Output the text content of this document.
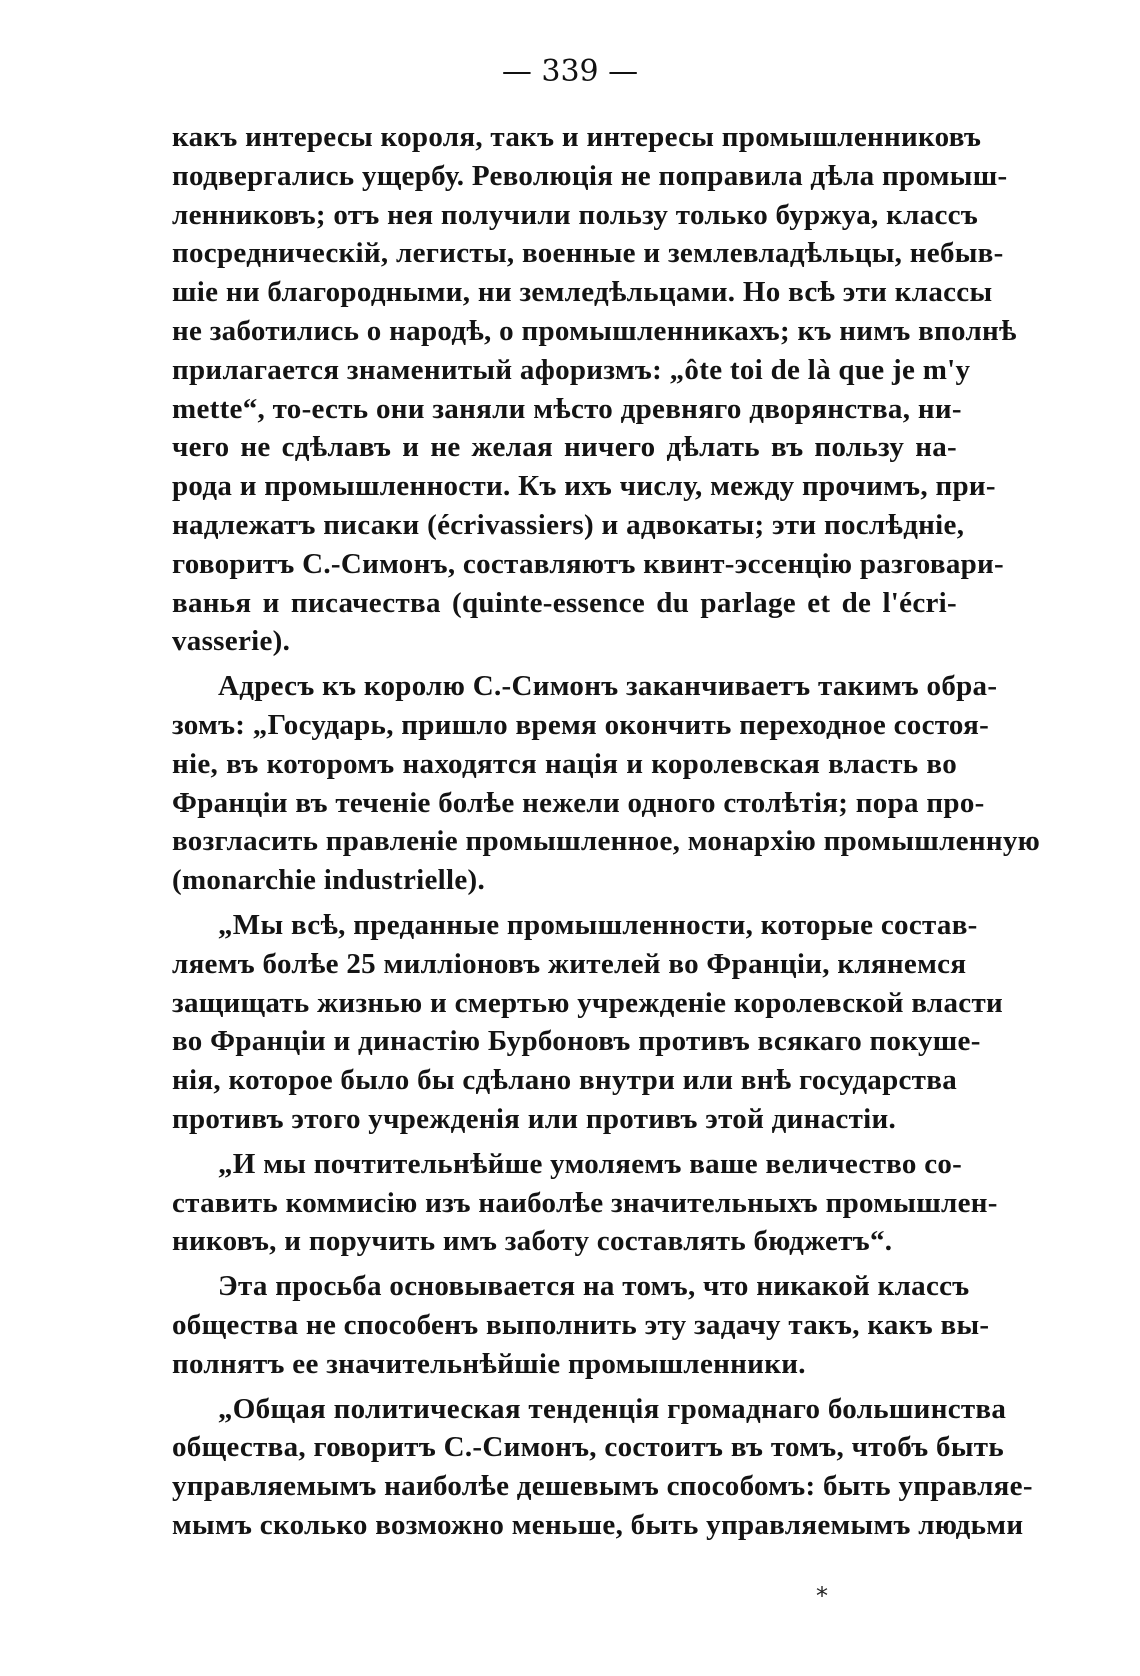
— 339 —
какъ интересы короля, такъ и интересы промышленниковъ
подвергались ущербу. Революція не поправила дѣла промыш-
ленниковъ; отъ нея получили пользу только буржуа, классъ
посредническій, легисты, военные и землевладѣльцы, небыв-
шіе ни благородными, ни земледѣльцами. Но всѣ эти классы
не заботились о народѣ, о промышленникахъ; къ нимъ вполнѣ
прилагается знаменитый афоризмъ: „ôte toi de là que je m'y
mette“, то-есть они заняли мѣсто древняго дворянства, ни-
чего не сдѣлавъ и не желая ничего дѣлать въ пользу на-
рода и промышленности. Къ ихъ числу, между прочимъ, при-
надлежатъ писаки (écrivassiers) и адвокаты; эти послѣдніе,
говоритъ С.-Симонъ, составляютъ квинт-эссенцію разговари-
ванья и писачества (quinte-essence du parlage et de l'écri-
vasserie).
Адресъ къ королю С.-Симонъ заканчиваетъ такимъ обра-
зомъ: „Государь, пришло время окончить переходное состоя-
ніе, въ которомъ находятся нація и королевская власть во
Франціи въ теченіе болѣе нежели одного столѣтія; пора про-
возгласить правленіе промышленное, монархію промышленную
(monarchie industrielle).
„Мы всѣ, преданные промышленности, которые состав-
ляемъ болѣе 25 милліоновъ жителей во Франціи, клянемся
защищать жизнью и смертью учрежденіе королевской власти
во Франціи и династію Бурбоновъ противъ всякаго покуше-
нія, которое было бы сдѣлано внутри или внѣ государства
противъ этого учрежденія или противъ этой династіи.
„И мы почтительнѣйше умоляемъ ваше величество со-
ставить коммисію изъ наиболѣе значительныхъ промышлен-
никовъ, и поручить имъ заботу составлять бюджетъ“.
Эта просьба основывается на томъ, что никакой классъ
общества не способенъ выполнить эту задачу такъ, какъ вы-
полнятъ ее значительнѣйшіе промышленники.
„Общая политическая тенденція громаднаго большинства
общества, говоритъ С.-Симонъ, состоитъ въ томъ, чтобъ быть
управляемымъ наиболѣе дешевымъ способомъ: быть управляе-
мымъ сколько возможно меньше, быть управляемымъ людьми
*
